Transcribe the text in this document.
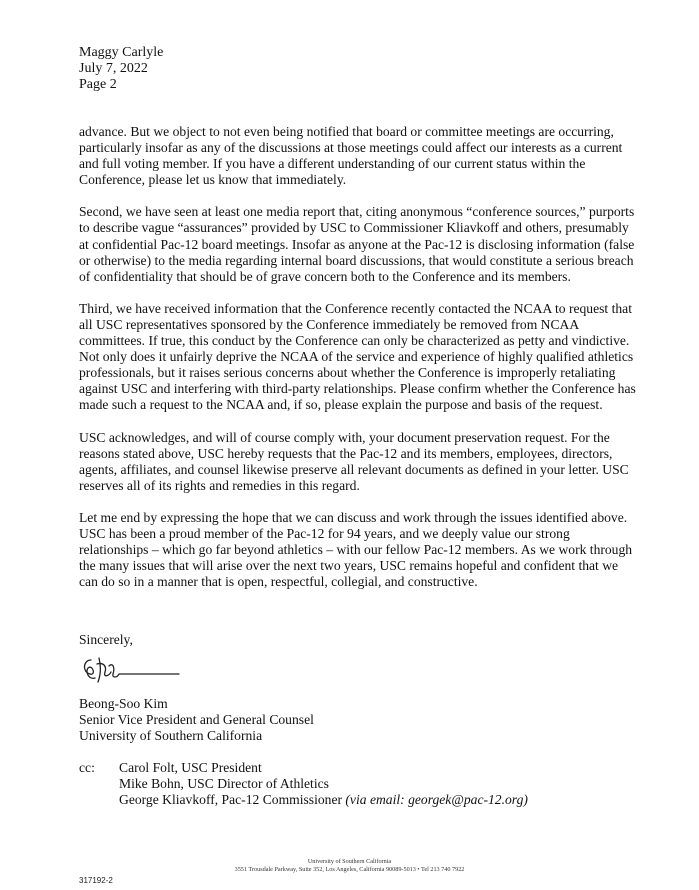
Maggy Carlyle
July 7, 2022
Page 2

advance. But we object to not even being notified that board or committee meetings are occurring, particularly insofar as any of the discussions at those meetings could affect our interests as a current and full voting member. If you have a different understanding of our current status within the Conference, please let us know that immediately.

Second, we have seen at least one media report that, citing anonymous “conference sources,” purports to describe vague “assurances” provided by USC to Commissioner Kliavkoff and others, presumably at confidential Pac-12 board meetings. Insofar as anyone at the Pac-12 is disclosing information (false or otherwise) to the media regarding internal board discussions, that would constitute a serious breach of confidentiality that should be of grave concern both to the Conference and its members.

Third, we have received information that the Conference recently contacted the NCAA to request that all USC representatives sponsored by the Conference immediately be removed from NCAA committees. If true, this conduct by the Conference can only be characterized as petty and vindictive. Not only does it unfairly deprive the NCAA of the service and experience of highly qualified athletics professionals, but it raises serious concerns about whether the Conference is improperly retaliating against USC and interfering with third-party relationships. Please confirm whether the Conference has made such a request to the NCAA and, if so, please explain the purpose and basis of the request.

USC acknowledges, and will of course comply with, your document preservation request. For the reasons stated above, USC hereby requests that the Pac-12 and its members, employees, directors, agents, affiliates, and counsel likewise preserve all relevant documents as defined in your letter. USC reserves all of its rights and remedies in this regard.

Let me end by expressing the hope that we can discuss and work through the issues identified above. USC has been a proud member of the Pac-12 for 94 years, and we deeply value our strong relationships – which go far beyond athletics – with our fellow Pac-12 members. As we work through the many issues that will arise over the next two years, USC remains hopeful and confident that we can do so in a manner that is open, respectful, collegial, and constructive.

Sincerely,
Beong-Soo Kim
Senior Vice President and General Counsel
University of Southern California
cc: Carol Folt, USC President
Mike Bohn, USC Director of Athletics
George Kliavkoff, Pac-12 Commissioner (via email: georgek@pac-12.org)
University of Southern California
3551 Trousdale Parkway, Suite 352, Los Angeles, California 90089-5013 • Tel 213 740 7922
317192-2
